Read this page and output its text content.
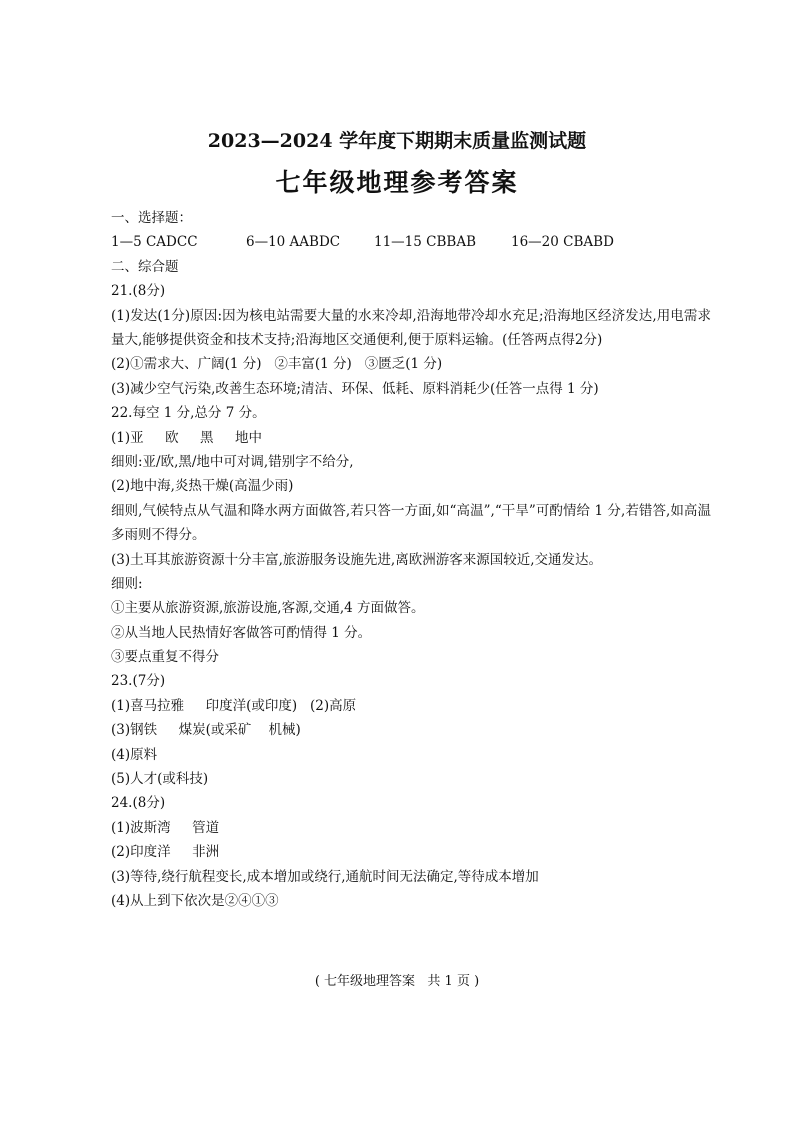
2023—2024 学年度下期期末质量监测试题
七年级地理参考答案
一、选择题：
1—5 CADCC	6—10 AABDC	11—15 CBBAB	16—20 CBABD
二、综合题
21.(8分)
(1)发达(1分)原因:因为核电站需要大量的水来冷却,沿海地带冷却水充足;沿海地区经济发达,用电需求量大,能够提供资金和技术支持;沿海地区交通便利,便于原料运输。(任答两点得2分)
(2)①需求大、广阔(1 分)   ②丰富(1 分)   ③匮乏(1 分)
(3)减少空气污染,改善生态环境;清洁、环保、低耗、原料消耗少(任答一点得 1 分)
22.每空 1 分,总分 7 分。
(1)亚     欧     黑     地中
细则:亚/欧,黑/地中可对调,错别字不给分,
(2)地中海,炎热干燥(高温少雨)
细则,气候特点从气温和降水两方面做答,若只答一方面,如“高温”,“干旱”可酌情给 1 分,若错答,如高温多雨则不得分。
(3)土耳其旅游资源十分丰富,旅游服务设施先进,离欧洲游客来源国较近,交通发达。
细则:
①主要从旅游资源,旅游设施,客源,交通,4 方面做答。
②从当地人民热情好客做答可酌情得 1 分。
③要点重复不得分
23.(7分)
(1)喜马拉雅     印度洋(或印度)   (2)高原
(3)钢铁     煤炭(或采矿    机械)
(4)原料
(5)人才(或科技)
24.(8分)
(1)波斯湾     管道
(2)印度洋     非洲
(3)等待,绕行航程变长,成本增加或绕行,通航时间无法确定,等待成本增加
(4)从上到下依次是②④①③
( 七年级地理答案   共 1 页 )
